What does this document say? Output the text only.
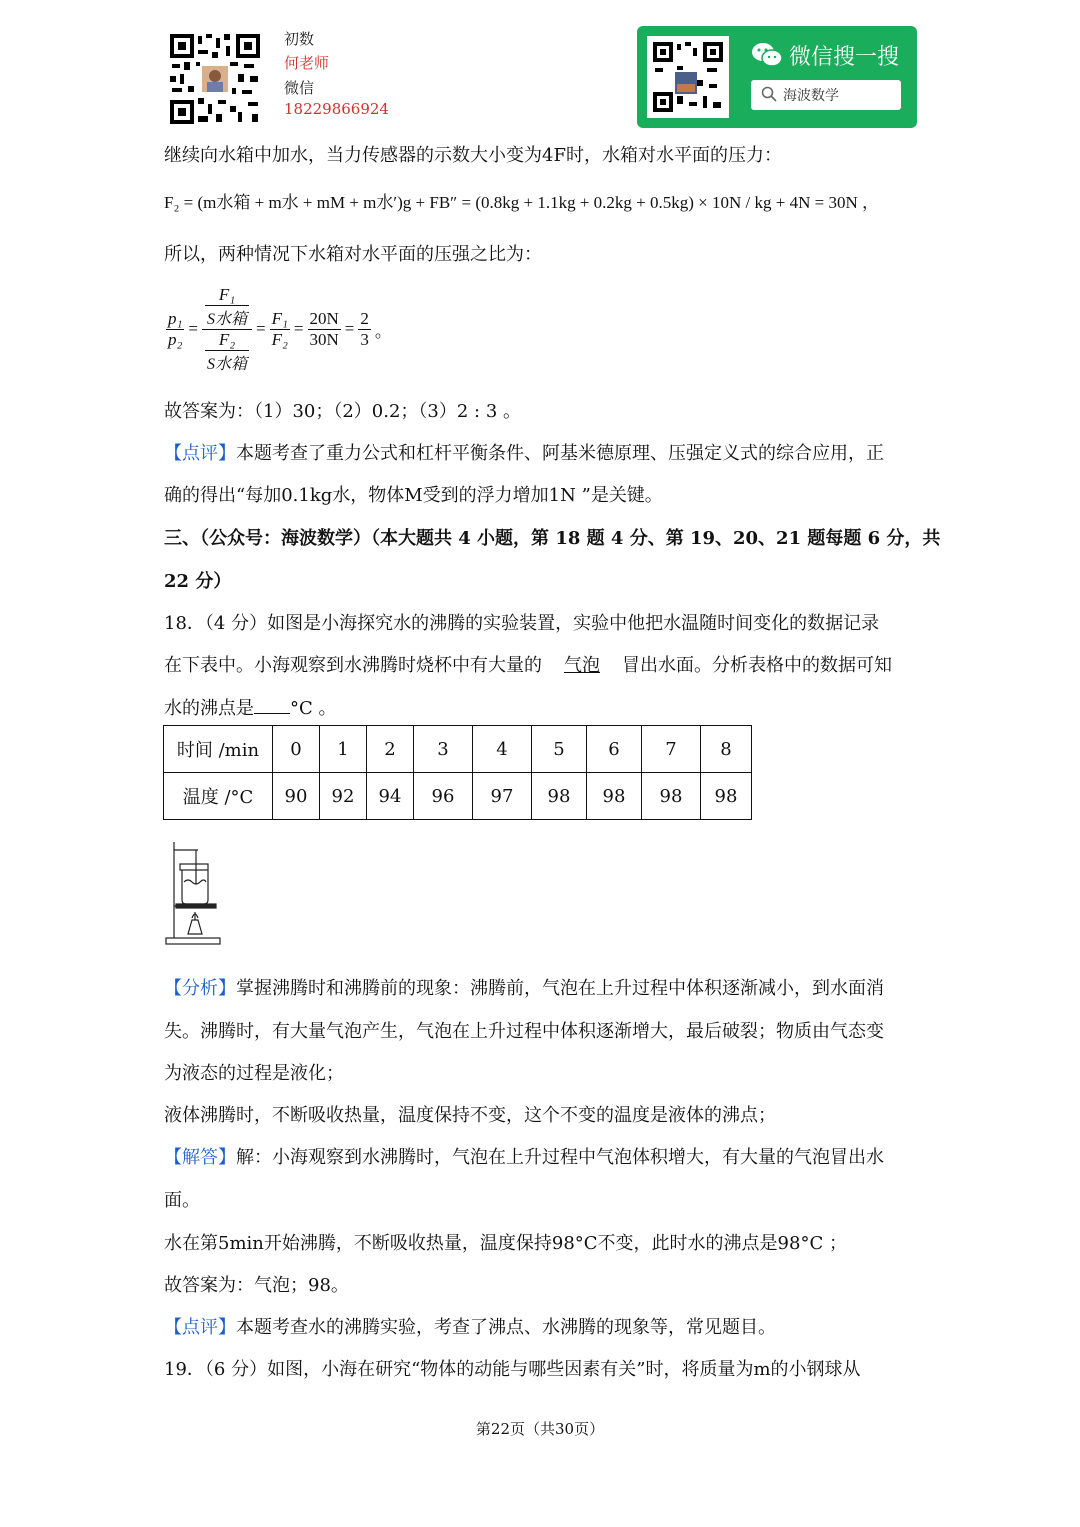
初数
何老师
微信
18229866924
微信搜一搜
海波数学
继续向水箱中加水，当力传感器的示数大小变为4F时，水箱对水平面的压力：
F₂ = (m水箱 + m水 + mM + m水′)g + FB″ = (0.8kg + 1.1kg + 0.2kg + 0.5kg) × 10N / kg + 4N = 30N ，
所以，两种情况下水箱对水平面的压强之比为：
$\frac{\text{p₁}}{\text{p₂}} = \frac{\frac{\text{F₁}}{\text{S水箱}}}{\frac{\text{F₂}}{\text{S水箱}}} = \frac{\text{F₁}}{\text{F₂}} = \frac{20N}{30N} = \frac{2}{3}$ 。
故答案为：（1）30；（2）0.2；（3）2 : 3 。
【点评】本题考查了重力公式和杠杆平衡条件、阿基米德原理、压强定义式的综合应用，正
确的得出“每加0.1kg水，物体M受到的浮力增加1N ”是关键。
三、（公众号：海波数学）（本大题共 4 小题，第 18 题 4 分、第 19、20、21 题每题 6 分，共
22 分）
18．（4 分）如图是小海探究水的沸腾的实验装置，实验中他把水温随时间变化的数据记录
在下表中。小海观察到水沸腾时烧杯中有大量的 气泡 冒出水面。分析表格中的数据可知
水的沸点是 °C 。
时间 /min	0	1	2	3	4	5	6	7	8
温度 /°C	90	92	94	96	97	98	98	98	98
【分析】掌握沸腾时和沸腾前的现象：沸腾前，气泡在上升过程中体积逐渐减小，到水面消
失。沸腾时，有大量气泡产生，气泡在上升过程中体积逐渐增大，最后破裂；物质由气态变
为液态的过程是液化；
液体沸腾时，不断吸收热量，温度保持不变，这个不变的温度是液体的沸点；
【解答】解：小海观察到水沸腾时，气泡在上升过程中气泡体积增大，有大量的气泡冒出水
面。
水在第5min开始沸腾，不断吸收热量，温度保持98°C不变，此时水的沸点是98°C ；
故答案为：气泡；98。
【点评】本题考查水的沸腾实验，考查了沸点、水沸腾的现象等，常见题目。
19．（6 分）如图，小海在研究“物体的动能与哪些因素有关”时，将质量为m的小钢球从
第22页（共30页）
